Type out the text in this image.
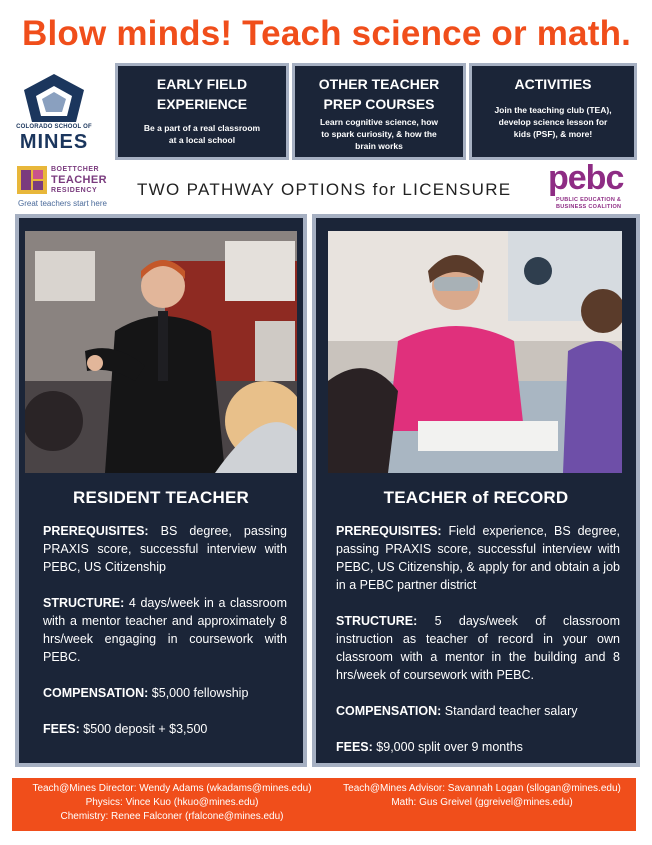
Blow minds! Teach science or math.
COLORADO SCHOOL OF
MINES
EARLY FIELD
EXPERIENCE
Be a part of a real classroom
at a local school
OTHER TEACHER
PREP COURSES
Learn cognitive science, how
to spark curiosity, & how the
brain works
ACTIVITIES
Join the teaching club (TEA),
develop science lesson for
kids (PSF), & more!
BOETTCHER
TEACHER
RESIDENCY
Great teachers start here
TWO PATHWAY OPTIONS for LICENSURE pebc
PUBLIC EDUCATION &
BUSINESS COALITION
RESIDENT TEACHER

PREREQUISITES: BS degree, passing PRAXIS score, successful interview with PEBC, US Citizenship

STRUCTURE: 4 days/week in a classroom with a mentor teacher and approximately 8 hrs/week engaging in coursework with PEBC.

COMPENSATION: $5,000 fellowship

FEES: $500 deposit + $3,500

TEACHER of RECORD

PREREQUISITES: Field experience, BS degree, passing PRAXIS score, successful interview with PEBC, US Citizenship, & apply for and obtain a job in a PEBC partner district

STRUCTURE: 5 days/week of classroom instruction as teacher of record in your own classroom with a mentor in the building and 8 hrs/week of coursework with PEBC.

COMPENSATION: Standard teacher salary

FEES: $9,000 split over 9 months

Teach@Mines Director: Wendy Adams (wkadams@mines.edu)
Physics: Vince Kuo (hkuo@mines.edu)
Chemistry: Renee Falconer (rfalcone@mines.edu)
Teach@Mines Advisor: Savannah Logan (sllogan@mines.edu)
Math: Gus Greivel (ggreivel@mines.edu)
